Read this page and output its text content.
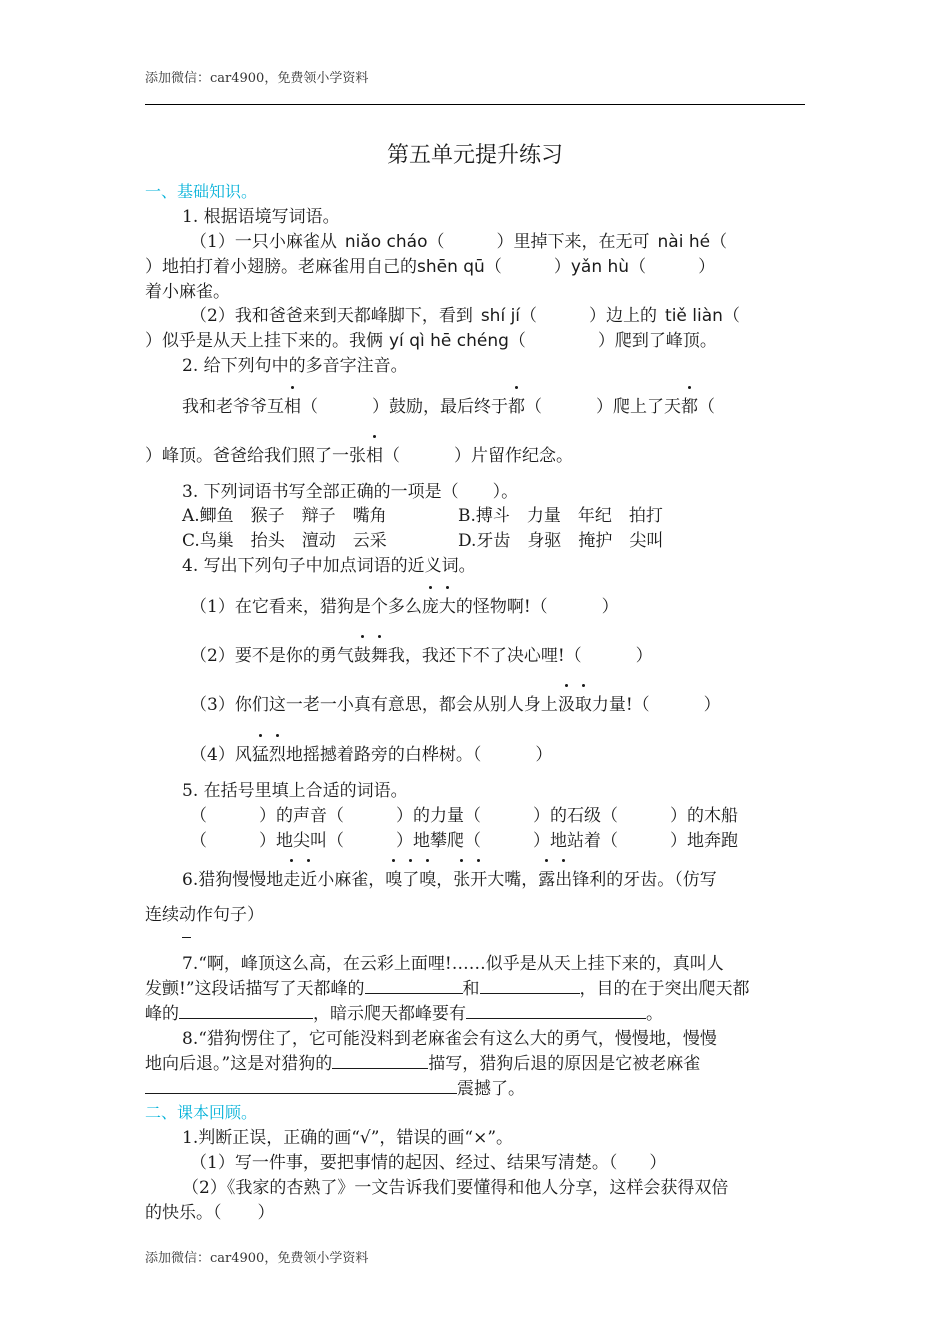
添加微信：car4900，免费领小学资料
第五单元提升练习
一、基础知识。
1. 根据语境写词语。
（1）一只小麻雀从 niǎo cháo（	）里掉下来，在无可 nài hé（
）地拍打着小翅膀。老麻雀用自己的shēn qū（	）yǎn hù（	）
着小麻雀。
（2）我和爸爸来到天都峰脚下，看到 shí jí（	）边上的 tiě liàn（
）似乎是从天上挂下来的。我俩 yí qì hē chéng（	）爬到了峰顶。
2. 给下列句中的多音字注音。
我和老爷爷互相（	）鼓励，最后终于都（	）爬上了天都（
）峰顶。爸爸给我们照了一张相（	）片留作纪念。
3. 下列词语书写全部正确的一项是（ ）。
A.鲫鱼　猴子　辩子　嘴角	B.搏斗　力量　年纪　拍打
C.鸟巢　抬头　澶动　云采	D.牙齿　身驱　掩护　尖叫
4. 写出下列句子中加点词语的近义词。
（1）在它看来，猎狗是个多么庞大的怪物啊!（	）
（2）要不是你的勇气鼓舞我，我还下不了决心哩!（	）
（3）你们这一老一小真有意思，都会从别人身上汲取力量!（	）
（4）风猛烈地摇撼着路旁的白桦树。（	）
5. 在括号里填上合适的词语。
（	）的声音（	）的力量（	）的石级（	）的木船
（	）地尖叫（	）地攀爬（	）地站着（	）地奔跑
6.猎狗慢慢地走近小麻雀，嗅了嗅，张开大嘴，露出锋利的牙齿。（仿写
连续动作句子）
7.“啊，峰顶这么高，在云彩上面哩!……似乎是从天上挂下来的，真叫人
发颤!”这段话描写了天都峰的	和	，目的在于突出爬天都
峰的	，暗示爬天都峰要有	。
8.“猎狗愣住了，它可能没料到老麻雀会有这么大的勇气，慢慢地，慢慢
地向后退。”这是对猎狗的	描写，猎狗后退的原因是它被老麻雀
震撼了。
二、课本回顾。
1.判断正误，正确的画“√”，错误的画“×”。
（1）写一件事，要把事情的起因、经过、结果写清楚。（ ）
（2）《我家的杏熟了》一文告诉我们要懂得和他人分享，这样会获得双倍
的快乐。（ ）
添加微信：car4900，免费领小学资料
